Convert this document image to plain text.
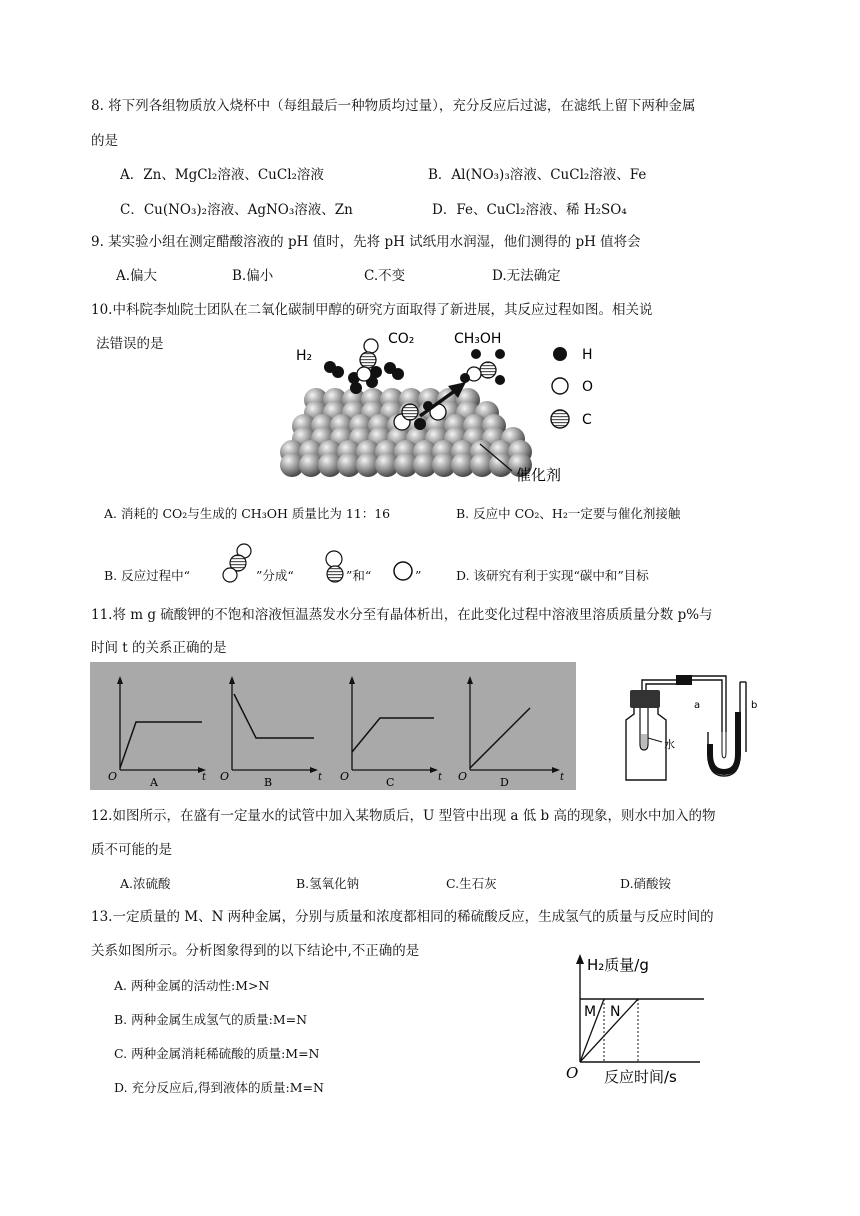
8. 将下列各组物质放入烧杯中（每组最后一种物质均过量），充分反应后过滤，在滤纸上留下两种金属
的是
A．Zn、MgCl₂溶液、CuCl₂溶液	B．Al(NO₃)₃溶液、CuCl₂溶液、Fe
C．Cu(NO₃)₂溶液、AgNO₃溶液、Zn	D．Fe、CuCl₂溶液、稀 H₂SO₄
9. 某实验小组在测定醋酸溶液的 pH 值时，先将 pH 试纸用水润湿，他们测得的 pH 值将会
A.偏大	B.偏小	C.不变	D.无法确定
10.中科院李灿院士团队在二氧化碳制甲醇的研究方面取得了新进展，其反应过程如图。相关说
法错误的是
H₂
CO₂	CH₃OH
催化剂
H
O
C
A. 消耗的 CO₂与生成的 CH₃OH 质量比为 11：16	B. 反应中 CO₂、H₂一定要与催化剂接触
B. 反应过程中“	”分成“	”和“	”	D. 该研究有利于实现“碳中和”目标
11.将 m g 硫酸钾的不饱和溶液恒温蒸发水分至有晶体析出，在此变化过程中溶液里溶质质量分数 p%与
时间 t 的关系正确的是
O	t
A	O	t
B	O	t
C	O	t
D
水
a	b
12.如图所示，在盛有一定量水的试管中加入某物质后，U 型管中出现 a 低 b 高的现象，则水中加入的物
质不可能的是
A.浓硫酸	B.氢氧化钠	C.生石灰	D.硝酸铵
13.一定质量的 M、N 两种金属，分别与质量和浓度都相同的稀硫酸反应，生成氢气的质量与反应时间的
关系如图所示。分析图象得到的以下结论中,不正确的是
A. 两种金属的活动性:M>N
B. 两种金属生成氢气的质量:M=N
C. 两种金属消耗稀硫酸的质量:M=N
D. 充分反应后,得到液体的质量:M=N
H₂质量/g
反应时间/s
O
M N
